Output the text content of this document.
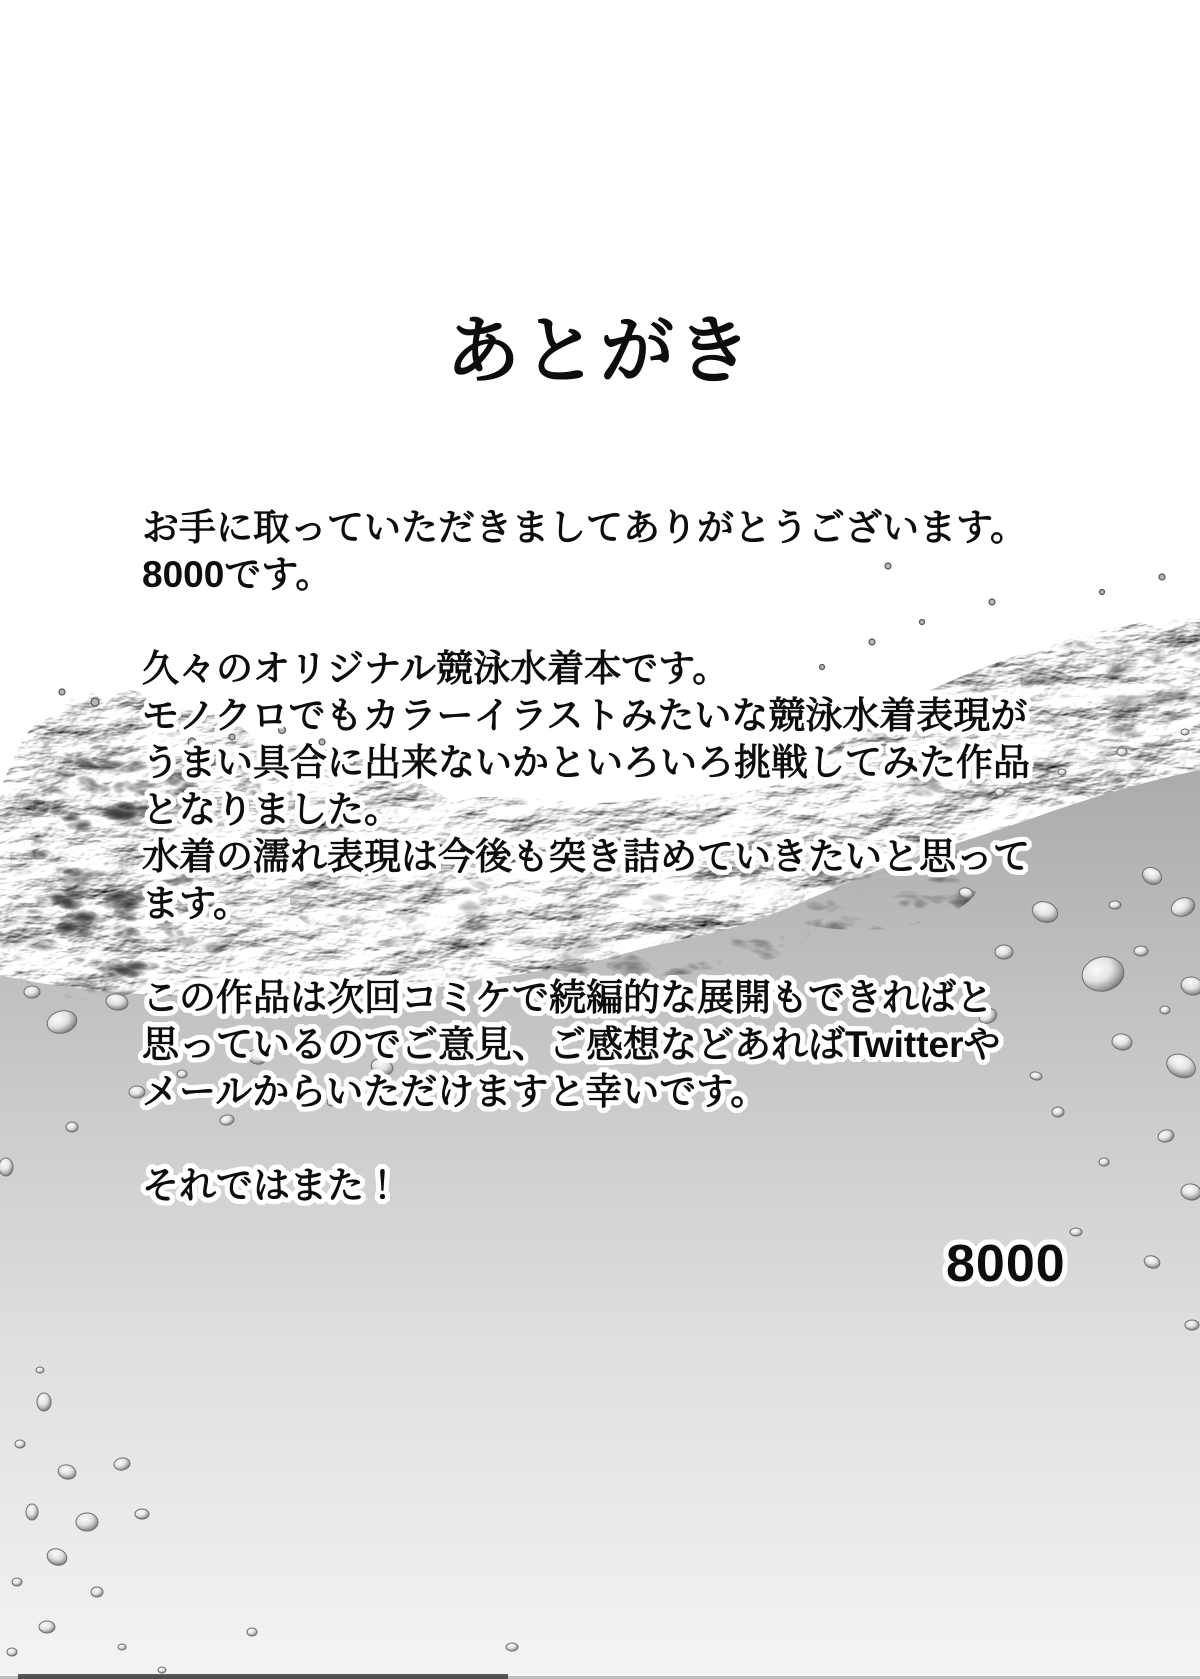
あとがき
お手に取っていただきましてありがとうございます。
8000です。
久々のオリジナル競泳水着本です。
モノクロでもカラーイラストみたいな競泳水着表現が
うまい具合に出来ないかといろいろ挑戦してみた作品
となりました。
水着の濡れ表現は今後も突き詰めていきたいと思って
ます。
この作品は次回コミケで続編的な展開もできればと
思っているのでご意見、ご感想などあればTwitterや
メールからいただけますと幸いです。
それではまた！
8000
